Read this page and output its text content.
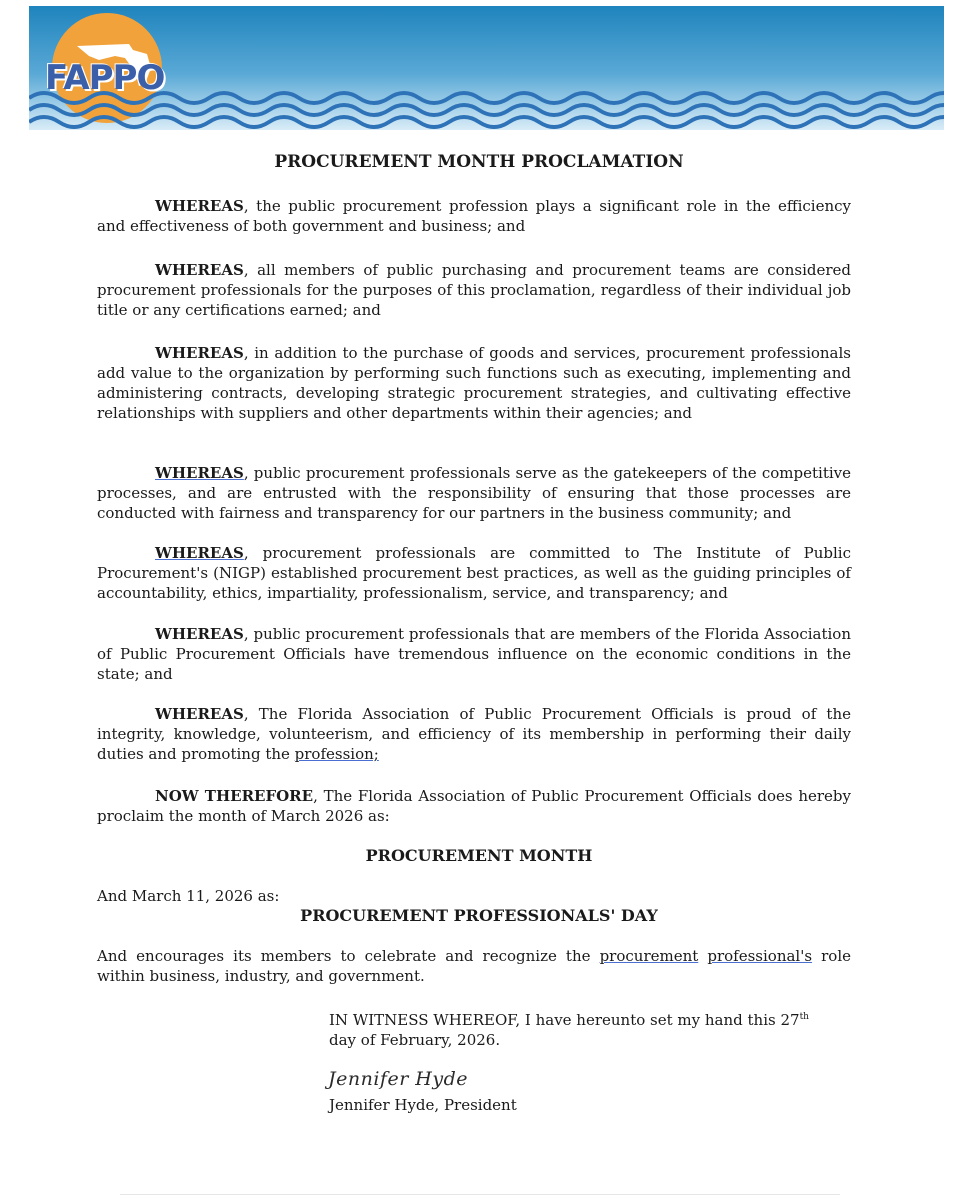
FAPPO
PROCUREMENT MONTH PROCLAMATION
WHEREAS, the public procurement profession plays a significant role in the efficiency and effectiveness of both government and business; and
WHEREAS, all members of public purchasing and procurement teams are considered procurement professionals for the purposes of this proclamation, regardless of their individual job title or any certifications earned; and
WHEREAS, in addition to the purchase of goods and services, procurement professionals add value to the organization by performing such functions such as executing, implementing and administering contracts, developing strategic procurement strategies, and cultivating effective relationships with suppliers and other departments within their agencies; and
WHEREAS, public procurement professionals serve as the gatekeepers of the competitive processes, and are entrusted with the responsibility of ensuring that those processes are conducted with fairness and transparency for our partners in the business community; and
WHEREAS, procurement professionals are committed to The Institute of Public Procurement's (NIGP) established procurement best practices, as well as the guiding principles of accountability, ethics, impartiality, professionalism, service, and transparency; and
WHEREAS, public procurement professionals that are members of the Florida Association of Public Procurement Officials have tremendous influence on the economic conditions in the state; and
WHEREAS, The Florida Association of Public Procurement Officials is proud of the integrity, knowledge, volunteerism, and efficiency of its membership in performing their daily duties and promoting the profession;
NOW THEREFORE, The Florida Association of Public Procurement Officials does hereby proclaim the month of March 2026 as:
PROCUREMENT MONTH
And March 11, 2026 as:
PROCUREMENT PROFESSIONALS' DAY
And encourages its members to celebrate and recognize the procurement professional's role within business, industry, and government.
IN WITNESS WHEREOF, I have hereunto set my hand this 27th
day of February, 2026.
Jennifer Hyde
Jennifer Hyde, President
